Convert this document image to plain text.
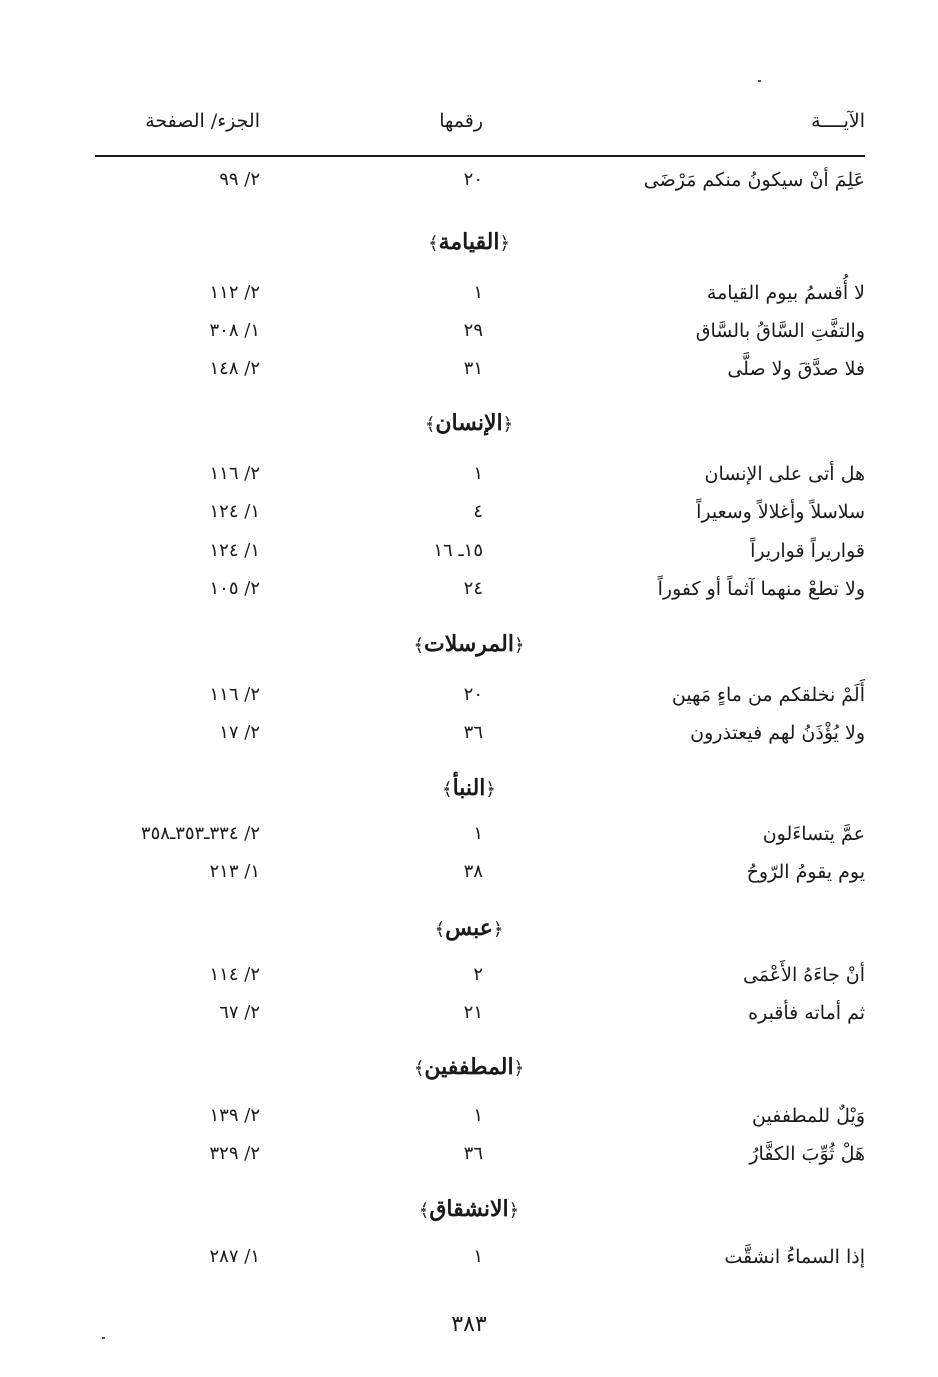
الآيــــة
رقمها
الجزء/ الصفحة
عَلِمَ أنْ سيكونُ منكم مَرْضَى
٢٠
٢/ ٩٩
﴿القيامة﴾
لا أُقسمُ بيوم القيامة
١
٢/ ١١٢
والتفَّتِ السَّاقُ بالسَّاق
٢٩
١/ ٣٠٨
فلا صدَّقَ ولا صلَّى
٣١
٢/ ١٤٨
﴿الإنسان﴾
هل أتى على الإنسان
١
٢/ ١١٦
سلاسلاً وأغلالاً وسعيراً
٤
١/ ١٢٤
قواريراً قواريراً
١٥ـ ١٦
١/ ١٢٤
ولا تطعْ منهما آثماً أو كفوراً
٢٤
٢/ ١٠٥
﴿المرسلات﴾
أَلَمْ نخلقكم من ماءٍ مَهين
٢٠
٢/ ١١٦
ولا يُؤْذَنُ لهم فيعتذرون
٣٦
٢/ ١٧
﴿النبأ﴾
عمَّ يتساءَلون
١
٢/ ٣٣٤ـ٣٥٣ـ٣٥٨
يوم يقومُ الرّوحُ
٣٨
١/ ٢١٣
﴿عبس﴾
أنْ جاءَهُ الأَعْمَى
٢
٢/ ١١٤
ثم أماته فأقبره
٢١
٢/ ٦٧
﴿المطففين﴾
وَيْلٌ للمطففين
١
٢/ ١٣٩
هَلْ ثُوِّبَ الكفَّارُ
٣٦
٢/ ٣٢٩
﴿الانشقاق﴾
إذا السماءُ انشقَّت
١
١/ ٢٨٧
٣٨٣
